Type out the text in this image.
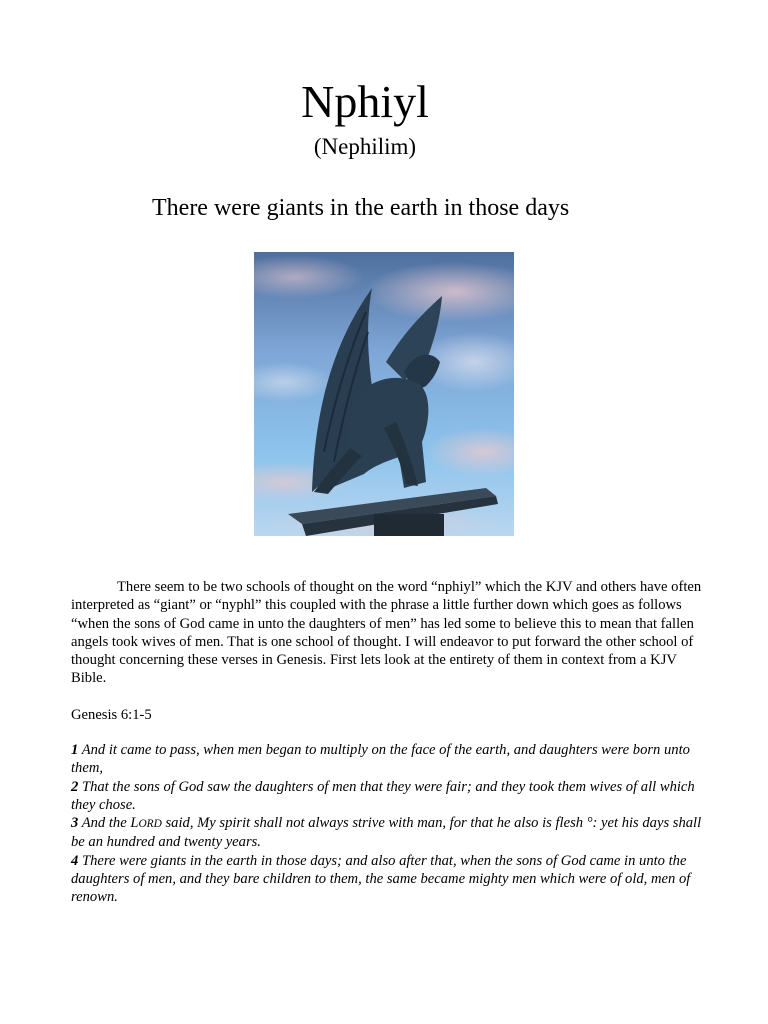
Nphiyl
(Nephilim)
There were giants in the earth in those days

There seem to be two schools of thought on the word “nphiyl” which the KJV and others have often interpreted as “giant” or “nyphl” this coupled with the phrase a little further down which goes as follows “when the sons of God came in unto the daughters of men” has led some to believe this to mean that fallen angels took wives of men. That is one school of thought. I will endeavor to put forward the other school of thought concerning these verses in Genesis. First lets look at the entirety of them in context from a KJV Bible.

Genesis 6:1-5

1 And it came to pass, when men began to multiply on the face of the earth, and daughters were born unto them,

2 That the sons of God saw the daughters of men that they were fair; and they took them wives of all which they chose.

3 And the LORD said, My spirit shall not always strive with man, for that he also is flesh °: yet his days shall be an hundred and twenty years.

4 There were giants in the earth in those days; and also after that, when the sons of God came in unto the daughters of men, and they bare children to them, the same became mighty men which were of old, men of renown.
